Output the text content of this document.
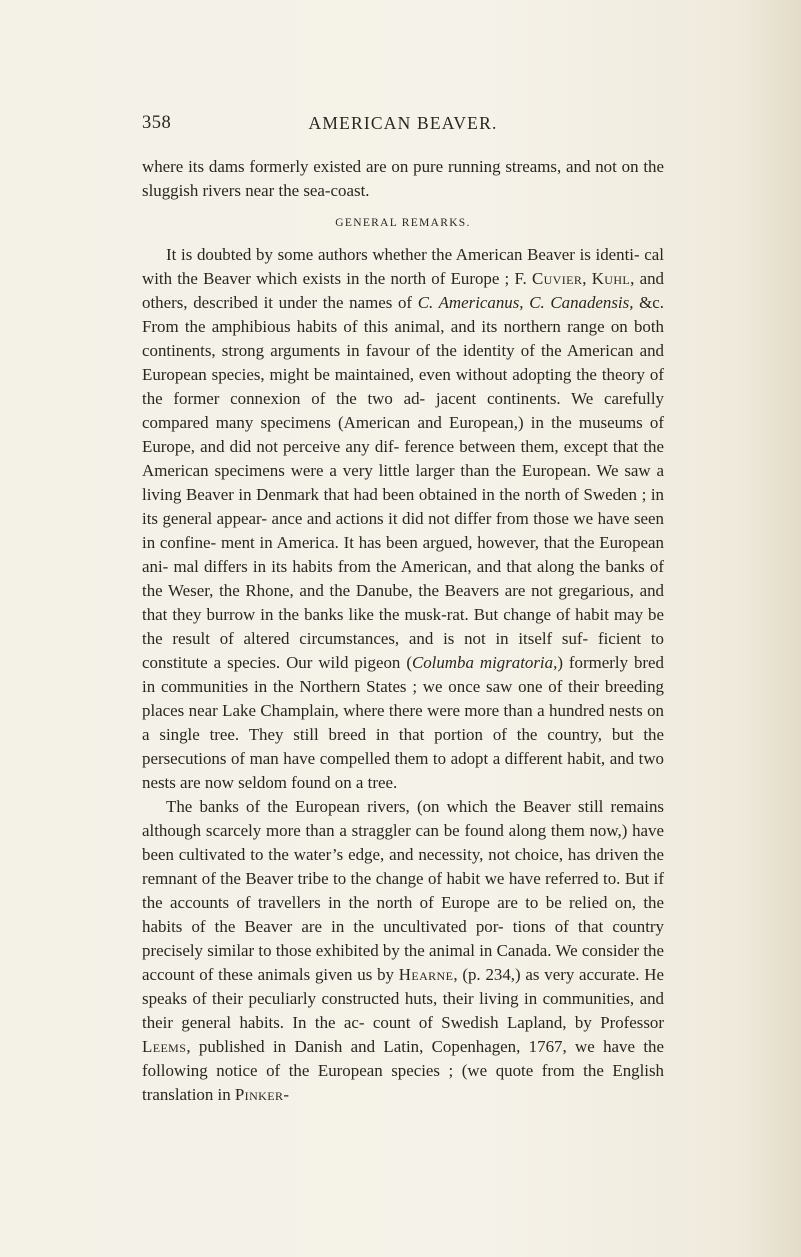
358	AMERICAN BEAVER.

where its dams formerly existed are on pure running streams, and not on the sluggish rivers near the sea-coast.

GENERAL REMARKS.

It is doubted by some authors whether the American Beaver is identi- cal with the Beaver which exists in the north of Europe ; F. Cuvier, Kuhl, and others, described it under the names of C. Americanus, C. Canadensis, &c. From the amphibious habits of this animal, and its northern range on both continents, strong arguments in favour of the identity of the American and European species, might be maintained, even without adopting the theory of the former connexion of the two ad- jacent continents. We carefully compared many specimens (American and European,) in the museums of Europe, and did not perceive any dif- ference between them, except that the American specimens were a very little larger than the European. We saw a living Beaver in Denmark that had been obtained in the north of Sweden ; in its general appear- ance and actions it did not differ from those we have seen in confine- ment in America. It has been argued, however, that the European ani- mal differs in its habits from the American, and that along the banks of the Weser, the Rhone, and the Danube, the Beavers are not gregarious, and that they burrow in the banks like the musk-rat. But change of habit may be the result of altered circumstances, and is not in itself suf- ficient to constitute a species. Our wild pigeon (Columba migratoria,) formerly bred in communities in the Northern States ; we once saw one of their breeding places near Lake Champlain, where there were more than a hundred nests on a single tree. They still breed in that portion of the country, but the persecutions of man have compelled them to adopt a different habit, and two nests are now seldom found on a tree.

The banks of the European rivers, (on which the Beaver still remains although scarcely more than a straggler can be found along them now,) have been cultivated to the water’s edge, and necessity, not choice, has driven the remnant of the Beaver tribe to the change of habit we have referred to. But if the accounts of travellers in the north of Europe are to be relied on, the habits of the Beaver are in the uncultivated por- tions of that country precisely similar to those exhibited by the animal in Canada. We consider the account of these animals given us by Hearne, (p. 234,) as very accurate. He speaks of their peculiarly constructed huts, their living in communities, and their general habits. In the ac- count of Swedish Lapland, by Professor Leems, published in Danish and Latin, Copenhagen, 1767, we have the following notice of the European species ; (we quote from the English translation in Pinker-
